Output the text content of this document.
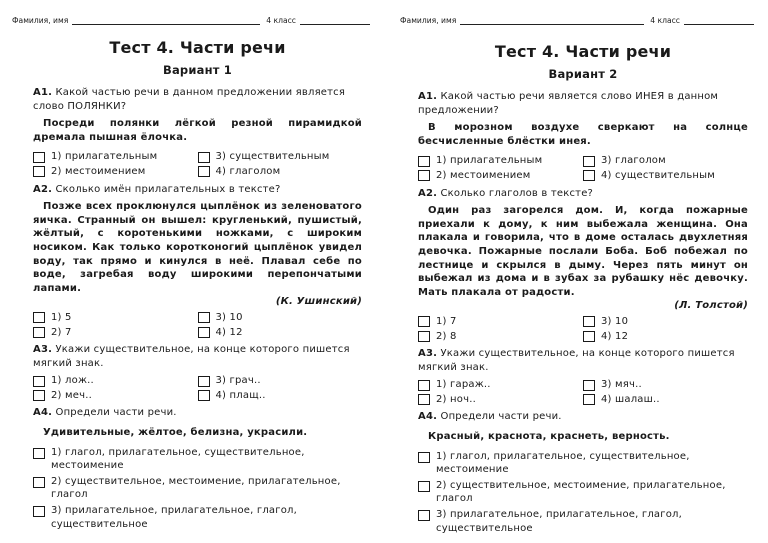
Фамилия, имя	4 класс
Тест 4. Части речи
Вариант 1
А1. Какой частью речи в данном предложении является слово ПОЛЯНКИ?
Посреди полянки лёгкой резной пирамидкой дремала пышная ёлочка.
1) прилагательным	3) существительным
2) местоимением	4) глаголом
А2. Сколько имён прилагательных в тексте?
Позже всех проклюнулся цыплёнок из зеленоватого яичка. Странный он вышел: кругленький, пушистый, жёлтый, с коротенькими ножками, с широким носиком. Как только коротконогий цыплёнок увидел воду, так прямо и кинулся в неё. Плавал себе по воде, загребая воду широкими перепончатыми лапами.
(К. Ушинский)
1) 5	3) 10
2) 7	4) 12
А3. Укажи существительное, на конце которого пишется мягкий знак.
1) лож..	3) грач..
2) меч..	4) плащ..
А4. Определи части речи.
Удивительные, жёлтое, белизна, украсили.
1) глагол, прилагательное, существительное, местоимение
2) существительное, местоимение, прилагательное, глагол
3) прилагательное, прилагательное, глагол, существительное
Фамилия, имя	4 класс
Тест 4. Части речи
Вариант 2
А1. Какой частью речи является слово ИНЕЯ в данном предложении?
В морозном воздухе сверкают на солнце бесчисленные блёстки инея.
1) прилагательным	3) глаголом
2) местоимением	4) существительным
А2. Сколько глаголов в тексте?
Один раз загорелся дом. И, когда пожарные приехали к дому, к ним выбежала женщина. Она плакала и говорила, что в доме осталась двухлетняя девочка. Пожарные послали Боба. Боб побежал по лестнице и скрылся в дыму. Через пять минут он выбежал из дома и в зубах за рубашку нёс девочку. Мать плакала от радости.
(Л. Толстой)
1) 7	3) 10
2) 8	4) 12
А3. Укажи существительное, на конце которого пишется мягкий знак.
1) гараж..	3) мяч..
2) ноч..	4) шалаш..
А4. Определи части речи.
Красный, краснота, краснеть, верность.
1) глагол, прилагательное, существительное, местоимение
2) существительное, местоимение, прилагательное, глагол
3) прилагательное, прилагательное, глагол, существительное
